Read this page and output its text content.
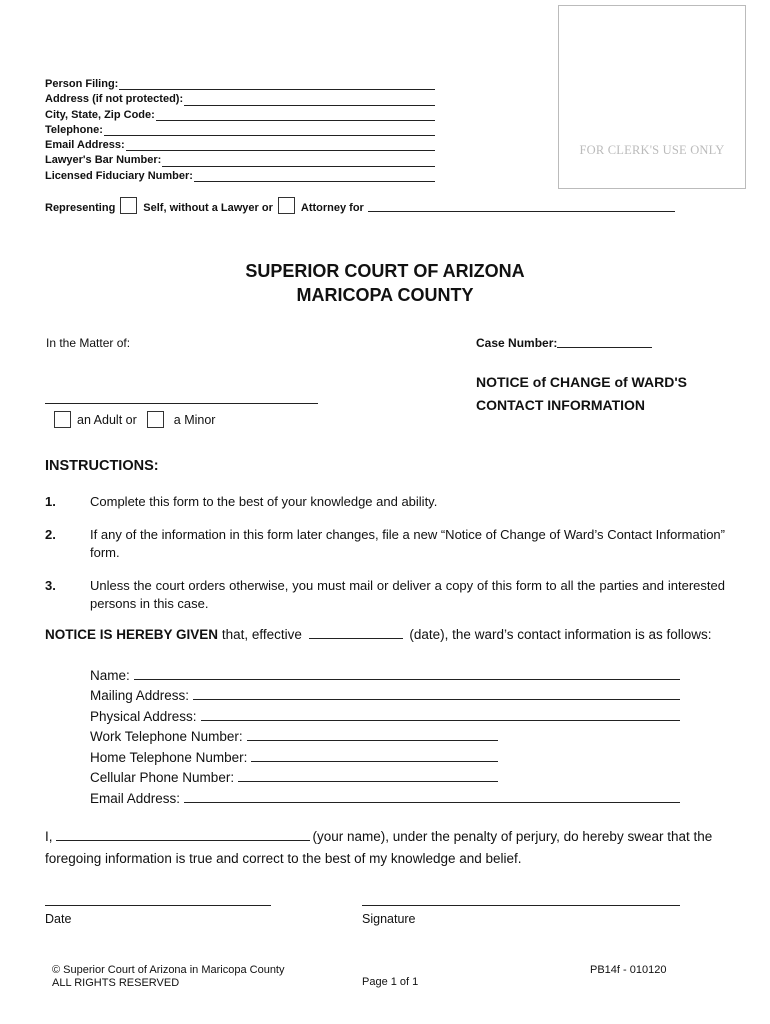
Person Filing:
Address (if not protected):
City, State, Zip Code:
Telephone:
Email Address:
Lawyer's Bar Number:
Licensed Fiduciary Number:
FOR CLERK'S USE ONLY
Representing	Self, without a Lawyer or	Attorney for
SUPERIOR COURT OF ARIZONA
MARICOPA COUNTY
In the Matter of:	Case Number:
NOTICE of CHANGE of WARD'S
CONTACT INFORMATION
an Adult or	a Minor
INSTRUCTIONS:
1.	Complete this form to the best of your knowledge and ability.
2.	If any of the information in this form later changes, file a new “Notice of Change of Ward’s Contact Information” form.
3.	Unless the court orders otherwise, you must mail or deliver a copy of this form to all the parties and interested persons in this case.
NOTICE IS HEREBY GIVEN that, effective	(date), the ward’s contact information is as follows:
Name:
Mailing Address:
Physical Address:
Work Telephone Number:
Home Telephone Number:
Cellular Phone Number:
Email Address:
I,	(your name), under the penalty of perjury, do hereby swear that the foregoing information is true and correct to the best of my knowledge and belief.
Date	Signature
© Superior Court of Arizona in Maricopa County
ALL RIGHTS RESERVED	Page 1 of 1
PB14f - 010120
